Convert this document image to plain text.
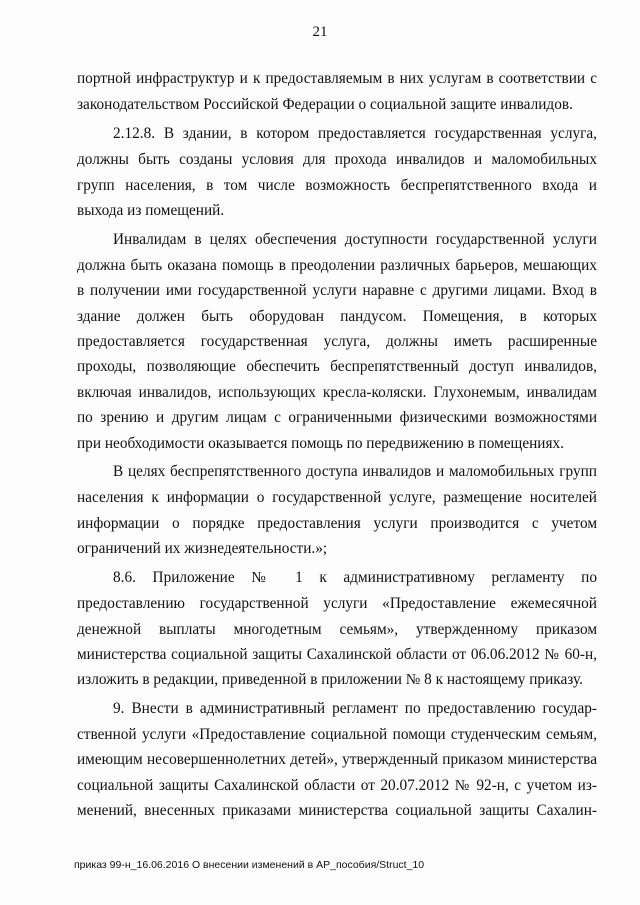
21
портной инфраструктур и к предоставляемым в них услугам в соответствии с
законодательством Российской Федерации о социальной защите инвалидов.
2.12.8. В здании, в котором предоставляется государственная услуга,
должны быть созданы условия для прохода инвалидов и маломобильных
групп населения, в том числе возможность беспрепятственного входа и
выхода из помещений.
Инвалидам в целях обеспечения доступности государственной услуги
должна быть оказана помощь в преодолении различных барьеров, мешающих
в получении ими государственной услуги наравне с другими лицами. Вход в
здание должен быть оборудован пандусом. Помещения, в которых
предоставляется государственная услуга, должны иметь расширенные
проходы, позволяющие обеспечить беспрепятственный доступ инвалидов,
включая инвалидов, использующих кресла-коляски. Глухонемым, инвалидам
по зрению и другим лицам с ограниченными физическими возможностями
при необходимости оказывается помощь по передвижению в помещениях.
В целях беспрепятственного доступа инвалидов и маломобильных групп
населения к информации о государственной услуге, размещение носителей
информации о порядке предоставления услуги производится с учетом
ограничений их жизнедеятельности.»;
8.6. Приложение № 1 к административному регламенту по
предоставлению государственной услуги «Предоставление ежемесячной
денежной выплаты многодетным семьям», утвержденному приказом
министерства социальной защиты Сахалинской области от 06.06.2012 № 60-н,
изложить в редакции, приведенной в приложении № 8 к настоящему приказу.
9. Внести в административный регламент по предоставлению государ-
ственной услуги «Предоставление социальной помощи студенческим семьям,
имеющим несовершеннолетних детей», утвержденный приказом министерства
социальной защиты Сахалинской области от 20.07.2012 № 92-н, с учетом из-
менений, внесенных приказами министерства социальной защиты Сахалин-
приказ 99-н_16.06.2016 О внесении изменений в АР_пособия/Struct_10
